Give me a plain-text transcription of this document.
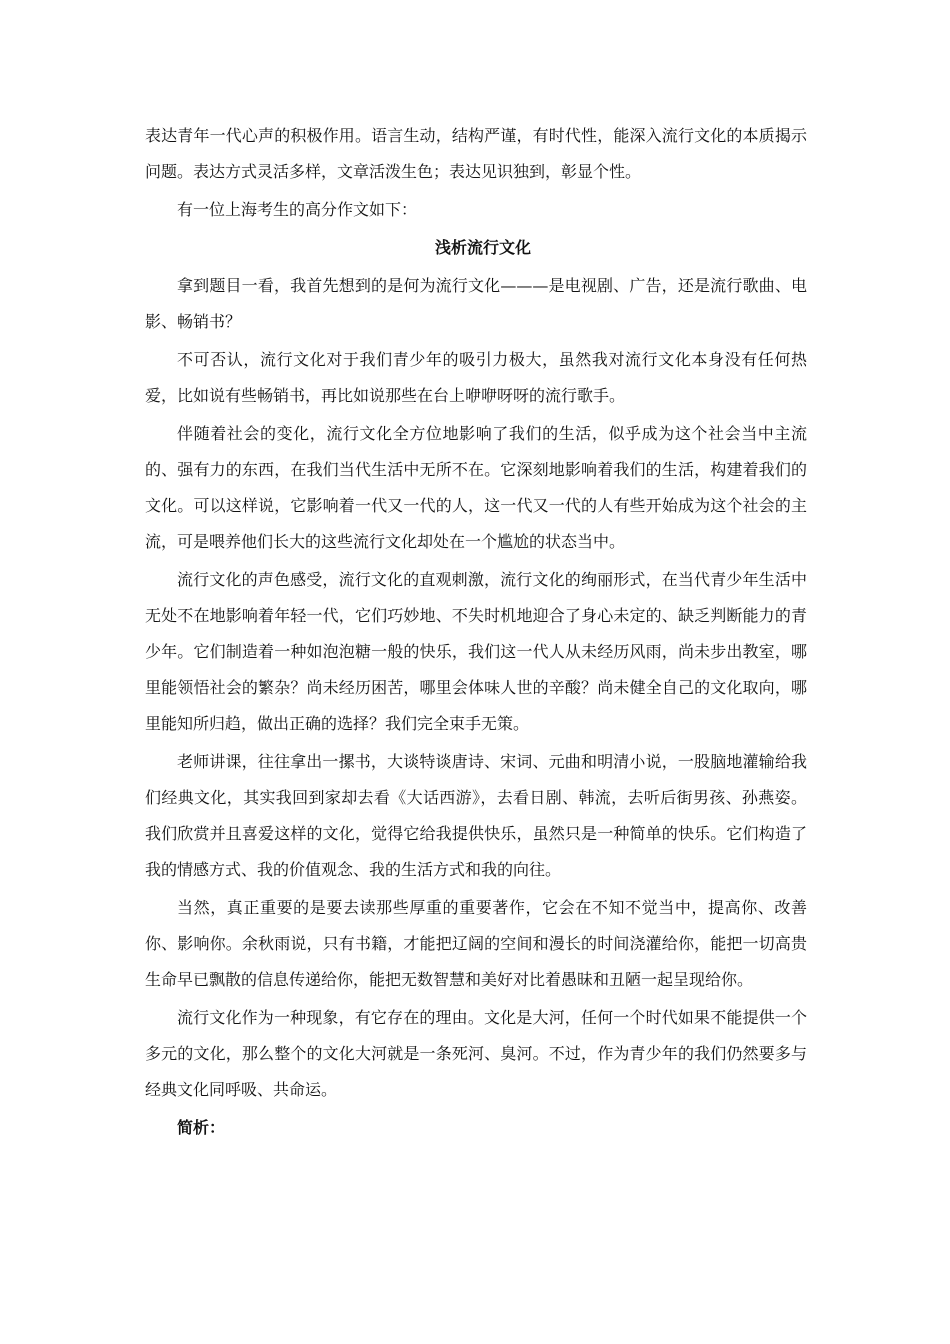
表达青年一代心声的积极作用。语言生动，结构严谨，有时代性，能深入流行文化的本质揭示问题。表达方式灵活多样，文章活泼生色；表达见识独到，彰显个性。

有一位上海考生的高分作文如下：

浅析流行文化

拿到题目一看，我首先想到的是何为流行文化———是电视剧、广告，还是流行歌曲、电影、畅销书？

不可否认，流行文化对于我们青少年的吸引力极大，虽然我对流行文化本身没有任何热爱，比如说有些畅销书，再比如说那些在台上咿咿呀呀的流行歌手。

伴随着社会的变化，流行文化全方位地影响了我们的生活，似乎成为这个社会当中主流的、强有力的东西，在我们当代生活中无所不在。它深刻地影响着我们的生活，构建着我们的文化。可以这样说，它影响着一代又一代的人，这一代又一代的人有些开始成为这个社会的主流，可是喂养他们长大的这些流行文化却处在一个尴尬的状态当中。

流行文化的声色感受，流行文化的直观刺激，流行文化的绚丽形式，在当代青少年生活中无处不在地影响着年轻一代，它们巧妙地、不失时机地迎合了身心未定的、缺乏判断能力的青少年。它们制造着一种如泡泡糖一般的快乐，我们这一代人从未经历风雨，尚未步出教室，哪里能领悟社会的繁杂？尚未经历困苦，哪里会体味人世的辛酸？尚未健全自己的文化取向，哪里能知所归趋，做出正确的选择？我们完全束手无策。

老师讲课，往往拿出一摞书，大谈特谈唐诗、宋词、元曲和明清小说，一股脑地灌输给我们经典文化，其实我回到家却去看《大话西游》，去看日剧、韩流，去听后街男孩、孙燕姿。我们欣赏并且喜爱这样的文化，觉得它给我提供快乐，虽然只是一种简单的快乐。它们构造了我的情感方式、我的价值观念、我的生活方式和我的向往。

当然，真正重要的是要去读那些厚重的重要著作，它会在不知不觉当中，提高你、改善你、影响你。余秋雨说，只有书籍，才能把辽阔的空间和漫长的时间浇灌给你，能把一切高贵生命早已飘散的信息传递给你，能把无数智慧和美好对比着愚昧和丑陋一起呈现给你。

流行文化作为一种现象，有它存在的理由。文化是大河，任何一个时代如果不能提供一个多元的文化，那么整个的文化大河就是一条死河、臭河。不过，作为青少年的我们仍然要多与经典文化同呼吸、共命运。

简析：
